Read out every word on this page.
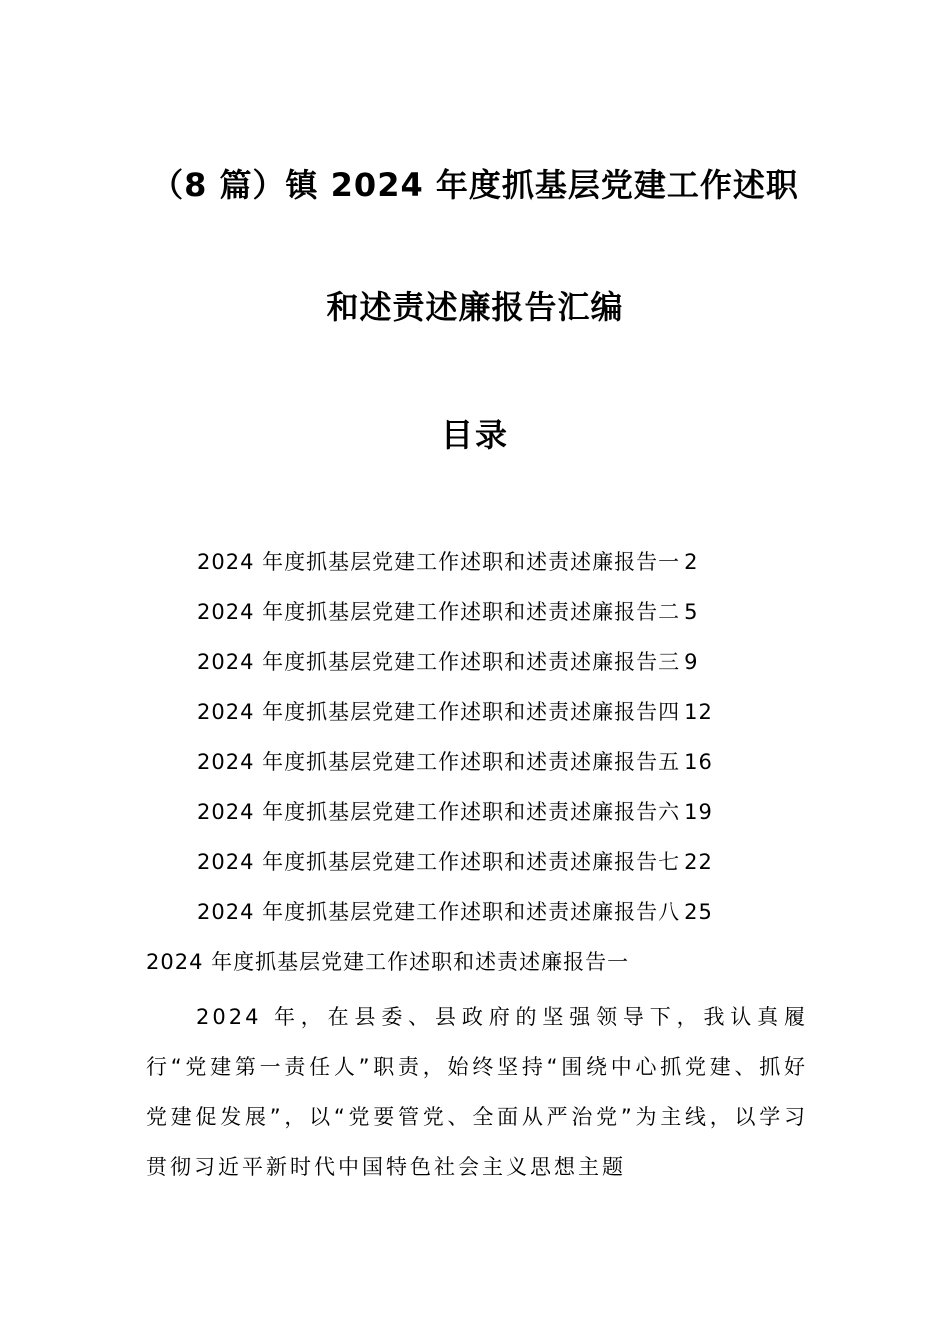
（8 篇）镇 2024 年度抓基层党建工作述职
和述责述廉报告汇编
目录
2024 年度抓基层党建工作述职和述责述廉报告一 2
2024 年度抓基层党建工作述职和述责述廉报告二 5
2024 年度抓基层党建工作述职和述责述廉报告三 9
2024 年度抓基层党建工作述职和述责述廉报告四 12
2024 年度抓基层党建工作述职和述责述廉报告五 16
2024 年度抓基层党建工作述职和述责述廉报告六 19
2024 年度抓基层党建工作述职和述责述廉报告七 22
2024 年度抓基层党建工作述职和述责述廉报告八 25
2024 年度抓基层党建工作述职和述责述廉报告一

2024 年，在县委、县政府的坚强领导下，我认真履行“党建第一责任人”职责，始终坚持“围绕中心抓党建、抓好党建促发展”，以“党要管党、全面从严治党”为主线，以学习贯彻习近平新时代中国特色社会主义思想主题
